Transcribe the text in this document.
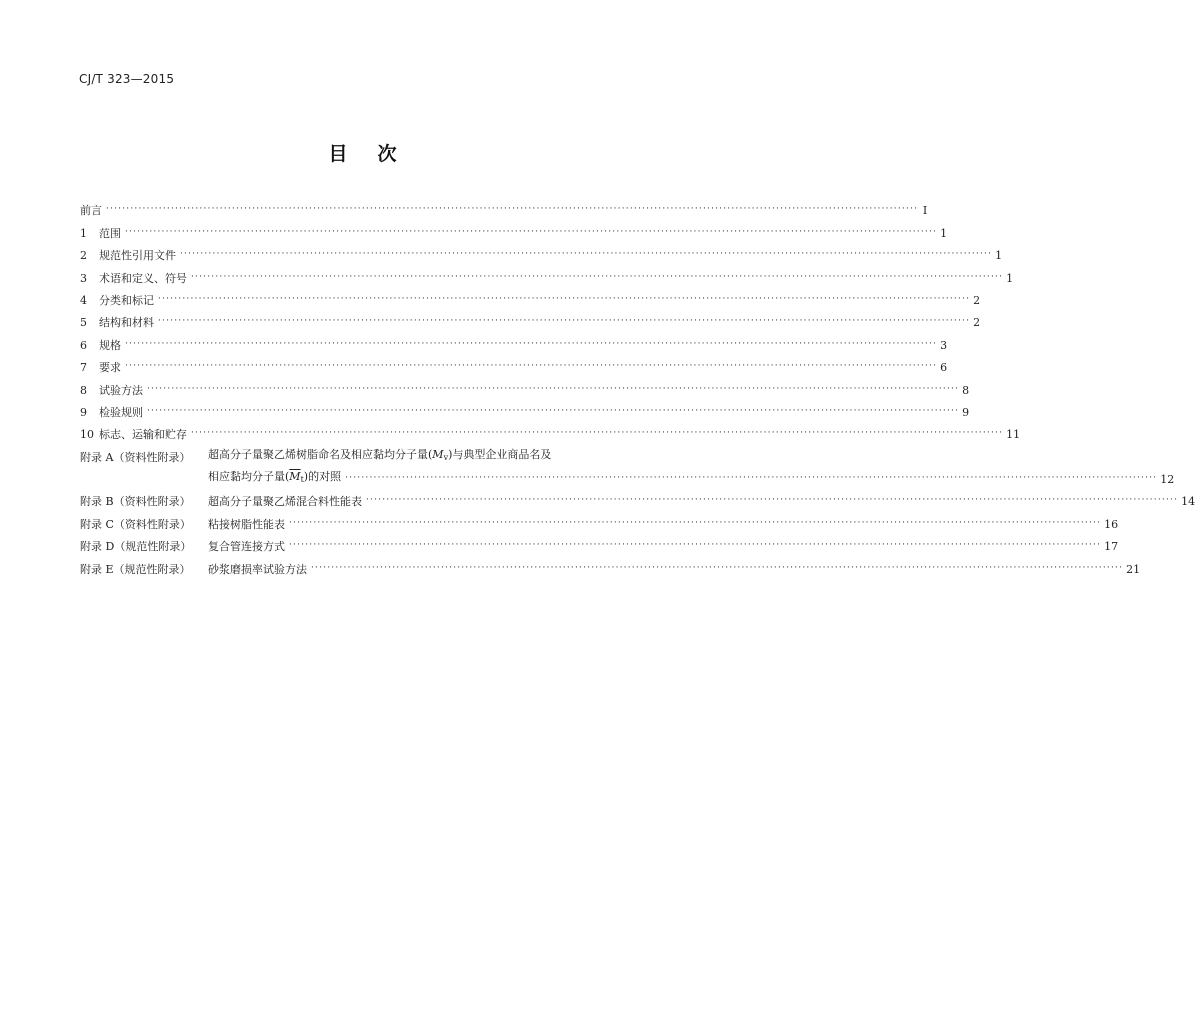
CJ/T 323—2015
目次
前言 ········································································································································································································ Ⅰ
1 范围 ········································································································································································································ 1
2 规范性引用文件 ········································································································································································································ 1
3 术语和定义、符号 ········································································································································································································ 1
4 分类和标记 ········································································································································································································ 2
5 结构和材料 ········································································································································································································ 2
6 规格 ········································································································································································································ 3
7 要求 ········································································································································································································ 6
8 试验方法 ········································································································································································································ 8
9 检验规则 ········································································································································································································ 9
10 标志、运输和贮存 ········································································································································································································ 11
附录 A（资料性附录）	超高分子量聚乙烯树脂命名及相应黏均分子量(Mv)与典型企业商品名及
相应黏均分子量$(\overline{M}t)$的对照 ········································································································································································································ 12
附录 B（资料性附录） 超高分子量聚乙烯混合料性能表 ········································································································································································································ 14
附录 C（资料性附录） 粘接树脂性能表 ········································································································································································································ 16
附录 D（规范性附录） 复合管连接方式 ········································································································································································································ 17
附录 E（规范性附录） 砂浆磨损率试验方法 ········································································································································································································ 21
